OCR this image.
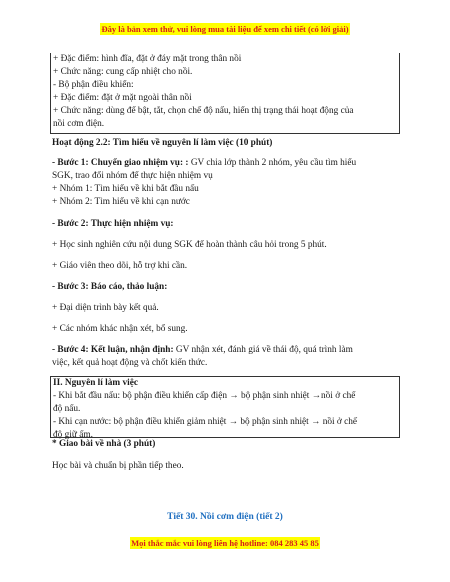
Đây là bản xem thử, vui lòng mua tài liệu để xem chi tiết (có lời giải)
+ Đặc điểm: hình đĩa, đặt ở đáy mặt trong thân nồi
+ Chức năng: cung cấp nhiệt cho nồi.
- Bộ phận điều khiển:
+ Đặc điểm: đặt ở mặt ngoài thân nồi
+ Chức năng: dùng để bật, tắt, chọn chế độ nấu, hiển thị trạng thái hoạt động của
nồi cơm điện.
Hoạt động 2.2: Tìm hiểu về nguyên lí làm việc (10 phút)
- Bước 1: Chuyển giao nhiệm vụ: : GV chia lớp thành 2 nhóm, yêu cầu tìm hiểu
SGK, trao đổi nhóm để thực hiện nhiệm vụ
+ Nhóm 1: Tìm hiểu về khi bắt đầu nấu
+ Nhóm 2: Tìm hiểu về khi cạn nước
- Bước 2: Thực hiện nhiệm vụ:
+ Học sinh nghiên cứu nội dung SGK để hoàn thành câu hỏi trong 5 phút.
+ Giáo viên theo dõi, hỗ trợ khi cần.
- Bước 3: Báo cáo, thảo luận:
+ Đại diện trình bày kết quả.
+ Các nhóm khác nhận xét, bổ sung.
- Bước 4: Kết luận, nhận định: GV nhận xét, đánh giá về thái độ, quá trình làm
việc, kết quả hoạt động và chốt kiến thức.
II. Nguyên lí làm việc
- Khi bắt đầu nấu: bộ phận điều khiển cấp điện → bộ phận sinh nhiệt →nồi ở chế
độ nấu.
- Khi cạn nước: bộ phận điều khiển giảm nhiệt → bộ phận sinh nhiệt → nồi ở chế
độ giữ ấm.
* Giao bài về nhà (3 phút)
Học bài và chuẩn bị phần tiếp theo.
Tiết 30. Nồi cơm điện (tiết 2)
Mọi thắc mắc vui lòng liên hệ hotline: 084 283 45 85
